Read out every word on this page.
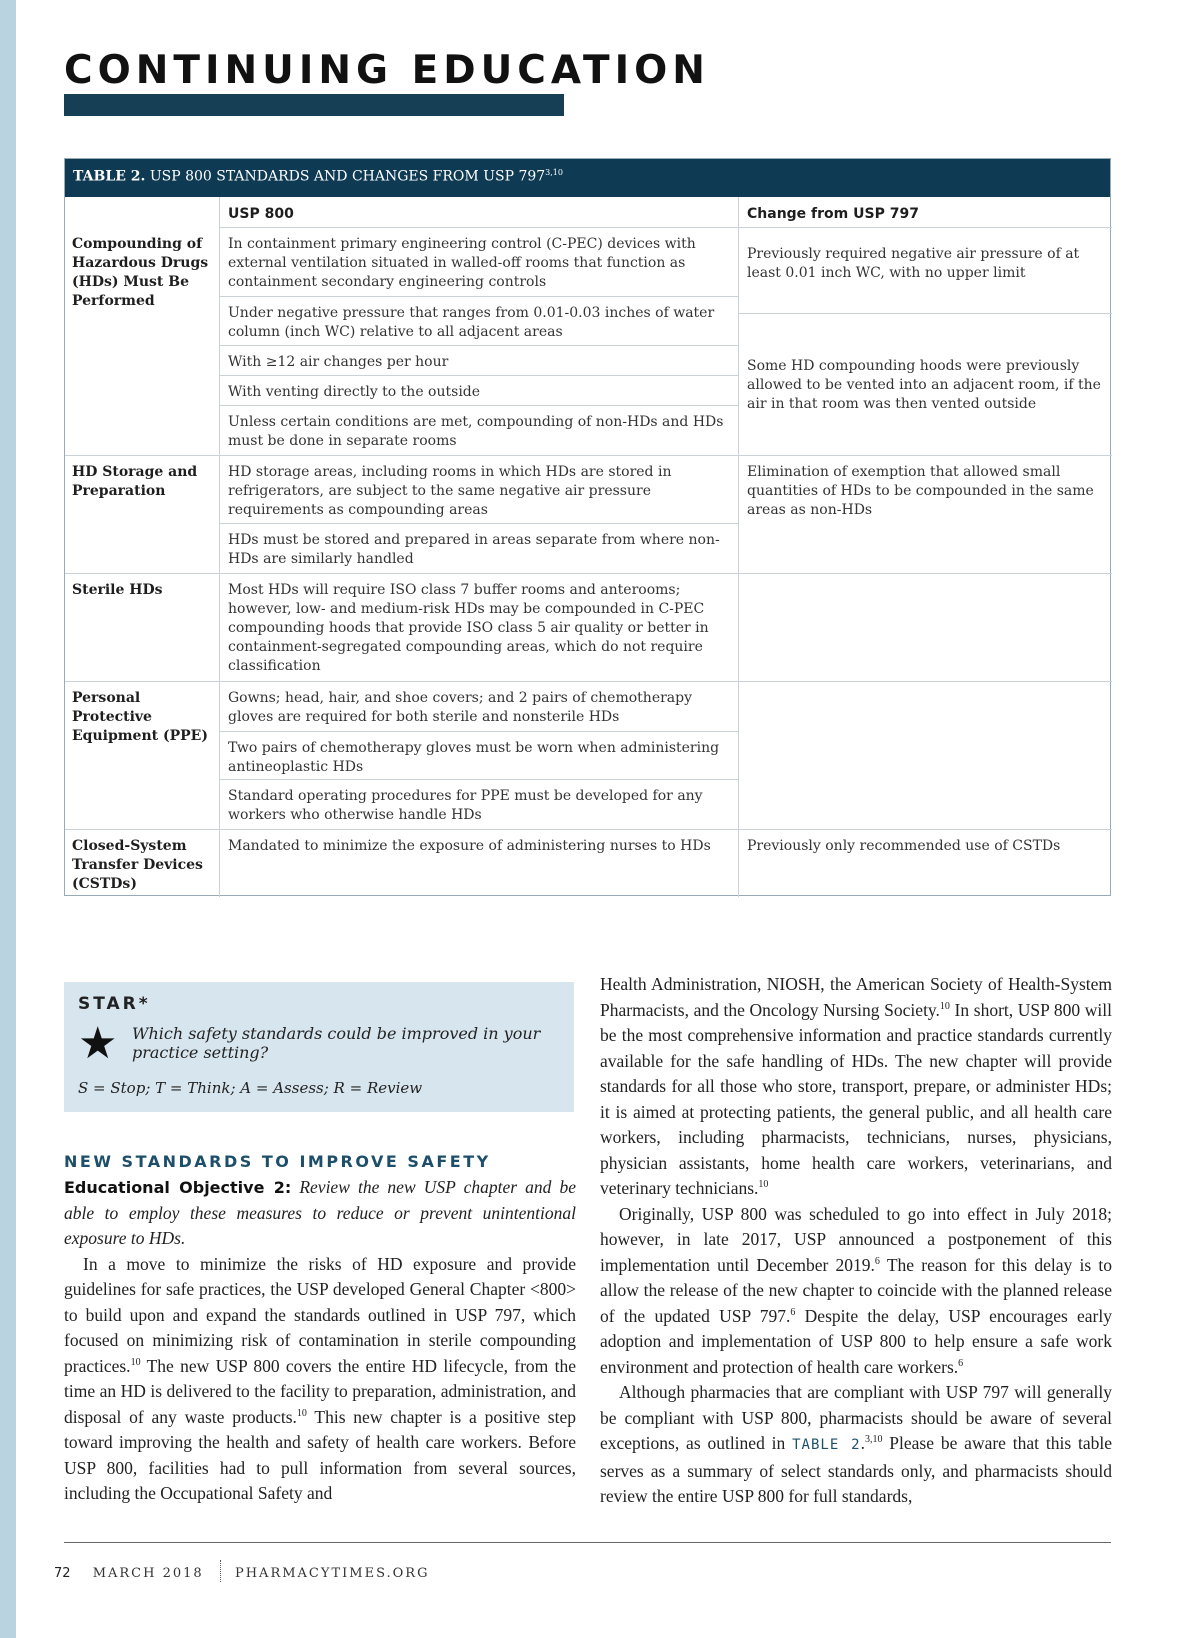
CONTINUING EDUCATION
TABLE 2. USP 800 STANDARDS AND CHANGES FROM USP 797$^{3,10}$
USP 800	Change from USP 797
Compounding of Hazardous Drugs (HDs) Must Be Performed
HD Storage and Preparation
Sterile HDs
Personal Protective Equipment (PPE)
Closed-System Transfer Devices (CSTDs)
In containment primary engineering control (C-PEC) devices with external ventilation situated in walled-off rooms that function as containment secondary engineering controls
Under negative pressure that ranges from 0.01-0.03 inches of water column (inch WC) relative to all adjacent areas
With ≥12 air changes per hour
With venting directly to the outside
Unless certain conditions are met, compounding of non-HDs and HDs must be done in separate rooms
HD storage areas, including rooms in which HDs are stored in refrigerators, are subject to the same negative air pressure requirements as compounding areas
HDs must be stored and prepared in areas separate from where non-HDs are similarly handled
Most HDs will require ISO class 7 buffer rooms and anterooms; however, low- and medium-risk HDs may be compounded in C-PEC compounding hoods that provide ISO class 5 air quality or better in containment-segregated compounding areas, which do not require classification
Gowns; head, hair, and shoe covers; and 2 pairs of chemotherapy gloves are required for both sterile and nonsterile HDs
Two pairs of chemotherapy gloves must be worn when administering antineoplastic HDs
Standard operating procedures for PPE must be developed for any workers who otherwise handle HDs
Mandated to minimize the exposure of administering nurses to HDs
Previously required negative air pressure of at least 0.01 inch WC, with no upper limit
Some HD compounding hoods were previously allowed to be vented into an adjacent room, if the air in that room was then vented outside
Elimination of exemption that allowed small quantities of HDs to be compounded in the same areas as non-HDs
Previously only recommended use of CSTDs
STAR*
★ Which safety standards could be improved in your practice setting?
S = Stop; T = Think; A = Assess; R = Review
NEW STANDARDS TO IMPROVE SAFETY

Educational Objective 2: Review the new USP chapter and be able to employ these measures to reduce or prevent unintentional exposure to HDs.

In a move to minimize the risks of HD exposure and provide guidelines for safe practices, the USP developed General Chapter <800> to build upon and expand the standards outlined in USP 797, which focused on minimizing risk of contamination in sterile compounding practices.$^{10}$ The new USP 800 covers the entire HD lifecycle, from the time an HD is delivered to the facility to preparation, administration, and disposal of any waste products.$^{10}$ This new chapter is a positive step toward improving the health and safety of health care workers. Before USP 800, facilities had to pull information from several sources, including the Occupational Safety and

Health Administration, NIOSH, the American Society of Health-System Pharmacists, and the Oncology Nursing Society.$^{10}$ In short, USP 800 will be the most comprehensive information and practice standards currently available for the safe handling of HDs. The new chapter will provide standards for all those who store, transport, prepare, or administer HDs; it is aimed at protecting patients, the general public, and all health care workers, including pharmacists, technicians, nurses, physicians, physician assistants, home health care workers, veterinarians, and veterinary technicians.$^{10}$

Originally, USP 800 was scheduled to go into effect in July 2018; however, in late 2017, USP announced a postponement of this implementation until December 2019.$^6$ The reason for this delay is to allow the release of the new chapter to coincide with the planned release of the updated USP 797.$^6$ Despite the delay, USP encourages early adoption and implementation of USP 800 to help ensure a safe work environment and protection of health care workers.$^6$

Although pharmacies that are compliant with USP 797 will generally be compliant with USP 800, pharmacists should be aware of several exceptions, as outlined in TABLE 2.$^{3,10}$ Please be aware that this table serves as a summary of select standards only, and pharmacists should review the entire USP 800 for full standards,

72 MARCH 2018 PHARMACYTIMES.ORG
